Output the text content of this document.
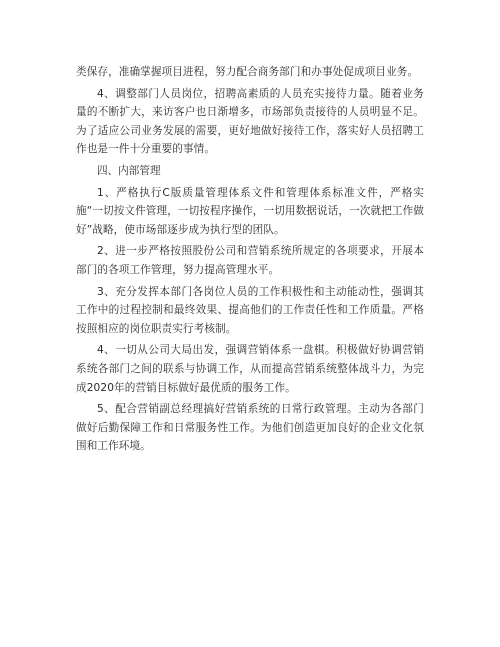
类保存，准确掌握项目进程，努力配合商务部门和办事处促成项目业务。

4、调整部门人员岗位，招聘高素质的人员充实接待力量。随着业务量的不断扩大，来访客户也日渐增多，市场部负责接待的人员明显不足。为了适应公司业务发展的需要，更好地做好接待工作，落实好人员招聘工作也是一件十分重要的事情。

四、内部管理

1、严格执行C版质量管理体系文件和管理体系标准文件，严格实施“一切按文件管理，一切按程序操作，一切用数据说话，一次就把工作做好”战略，使市场部逐步成为执行型的团队。

2、进一步严格按照股份公司和营销系统所规定的各项要求，开展本部门的各项工作管理，努力提高管理水平。

3、充分发挥本部门各岗位人员的工作积极性和主动能动性，强调其工作中的过程控制和最终效果、提高他们的工作责任性和工作质量。严格按照相应的岗位职责实行考核制。

4、一切从公司大局出发，强调营销体系一盘棋。积极做好协调营销系统各部门之间的联系与协调工作，从而提高营销系统整体战斗力，为完成2020年的营销目标做好最优质的服务工作。

5、配合营销副总经理搞好营销系统的日常行政管理。主动为各部门做好后勤保障工作和日常服务性工作。为他们创造更加良好的企业文化氛围和工作环境。
